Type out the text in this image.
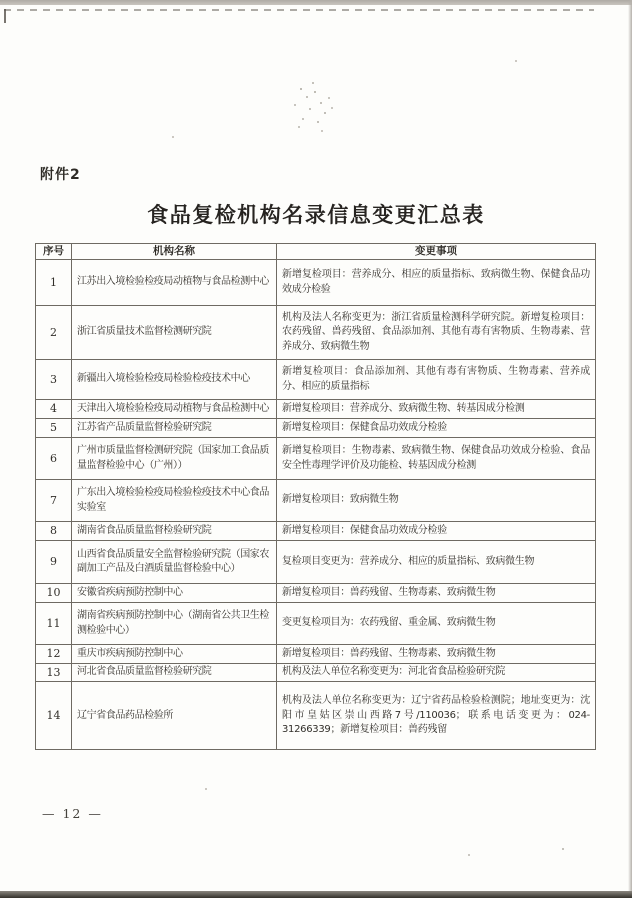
附件2
食品复检机构名录信息变更汇总表
序号	机构名称	变更事项
1	江苏出入境检验检疫局动植物与食品检测中心	新增复检项目：营养成分、相应的质量指标、致病微生物、保健食品功效成分检验
2	浙江省质量技术监督检测研究院	机构及法人名称变更为：浙江省质量检测科学研究院。新增复检项目：农药残留、兽药残留、食品添加剂、其他有毒有害物质、生物毒素、营养成分、致病微生物
3	新疆出入境检验检疫局检验检疫技术中心	新增复检项目：食品添加剂、其他有毒有害物质、生物毒素、营养成分、相应的质量指标
4	天津出入境检验检疫局动植物与食品检测中心	新增复检项目：营养成分、致病微生物、转基因成分检测
5	江苏省产品质量监督检验研究院	新增复检项目：保健食品功效成分检验
6	广州市质量监督检测研究院（国家加工食品质量监督检验中心（广州））	新增复检项目：生物毒素、致病微生物、保健食品功效成分检验、食品安全性毒理学评价及功能检、转基因成分检测
7	广东出入境检验检疫局检验检疫技术中心食品实验室	新增复检项目：致病微生物
8	湖南省食品质量监督检验研究院	新增复检项目：保健食品功效成分检验
9	山西省食品质量安全监督检验研究院（国家农副加工产品及白酒质量监督检验中心）	复检项目变更为：营养成分、相应的质量指标、致病微生物
10	安徽省疾病预防控制中心	新增复检项目：兽药残留、生物毒素、致病微生物
11	湖南省疾病预防控制中心（湖南省公共卫生检测检验中心）	变更复检项目为：农药残留、重金属、致病微生物
12	重庆市疾病预防控制中心	新增复检项目：兽药残留、生物毒素、致病微生物
13	河北省食品质量监督检验研究院	机构及法人单位名称变更为：河北省食品检验研究院
14	辽宁省食品药品检验所	机构及法人单位名称变更为：辽宁省药品检验检测院；地址变更为：沈阳市皇姑区崇山西路7号/110036；联系电话变更为：024-31266339；新增复检项目：兽药残留
— 12 —
